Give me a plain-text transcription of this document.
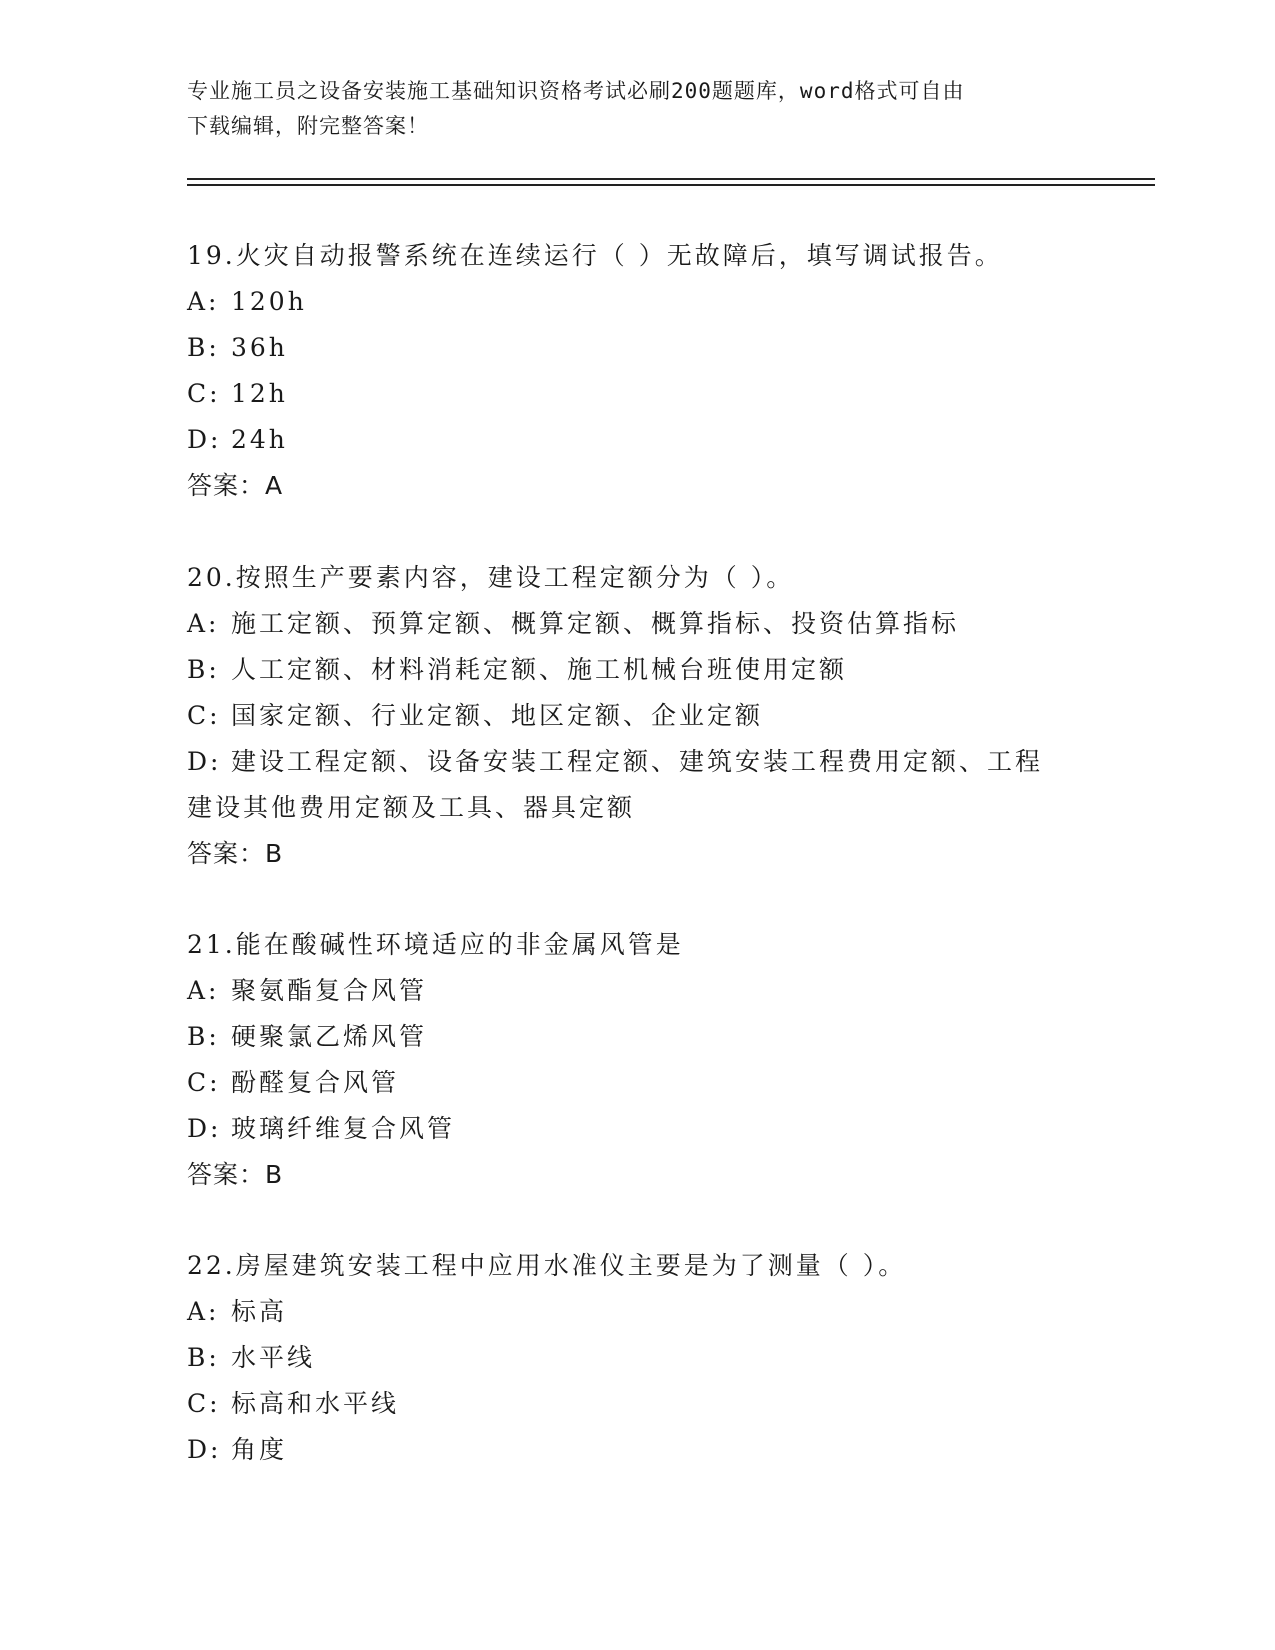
专业施工员之设备安装施工基础知识资格考试必刷200题题库，word格式可自由
下载编辑，附完整答案！
19.火灾自动报警系统在连续运行（ ）无故障后，填写调试报告。
A: 120h
B: 36h
C: 12h
D: 24h
答案：A
20.按照生产要素内容，建设工程定额分为（ ）。
A: 施工定额、预算定额、概算定额、概算指标、投资估算指标
B: 人工定额、材料消耗定额、施工机械台班使用定额
C: 国家定额、行业定额、地区定额、企业定额
D: 建设工程定额、设备安装工程定额、建筑安装工程费用定额、工程
建设其他费用定额及工具、器具定额
答案：B
21.能在酸碱性环境适应的非金属风管是
A: 聚氨酯复合风管
B: 硬聚氯乙烯风管
C: 酚醛复合风管
D: 玻璃纤维复合风管
答案：B
22.房屋建筑安装工程中应用水准仪主要是为了测量（ ）。
A: 标高
B: 水平线
C: 标高和水平线
D: 角度
